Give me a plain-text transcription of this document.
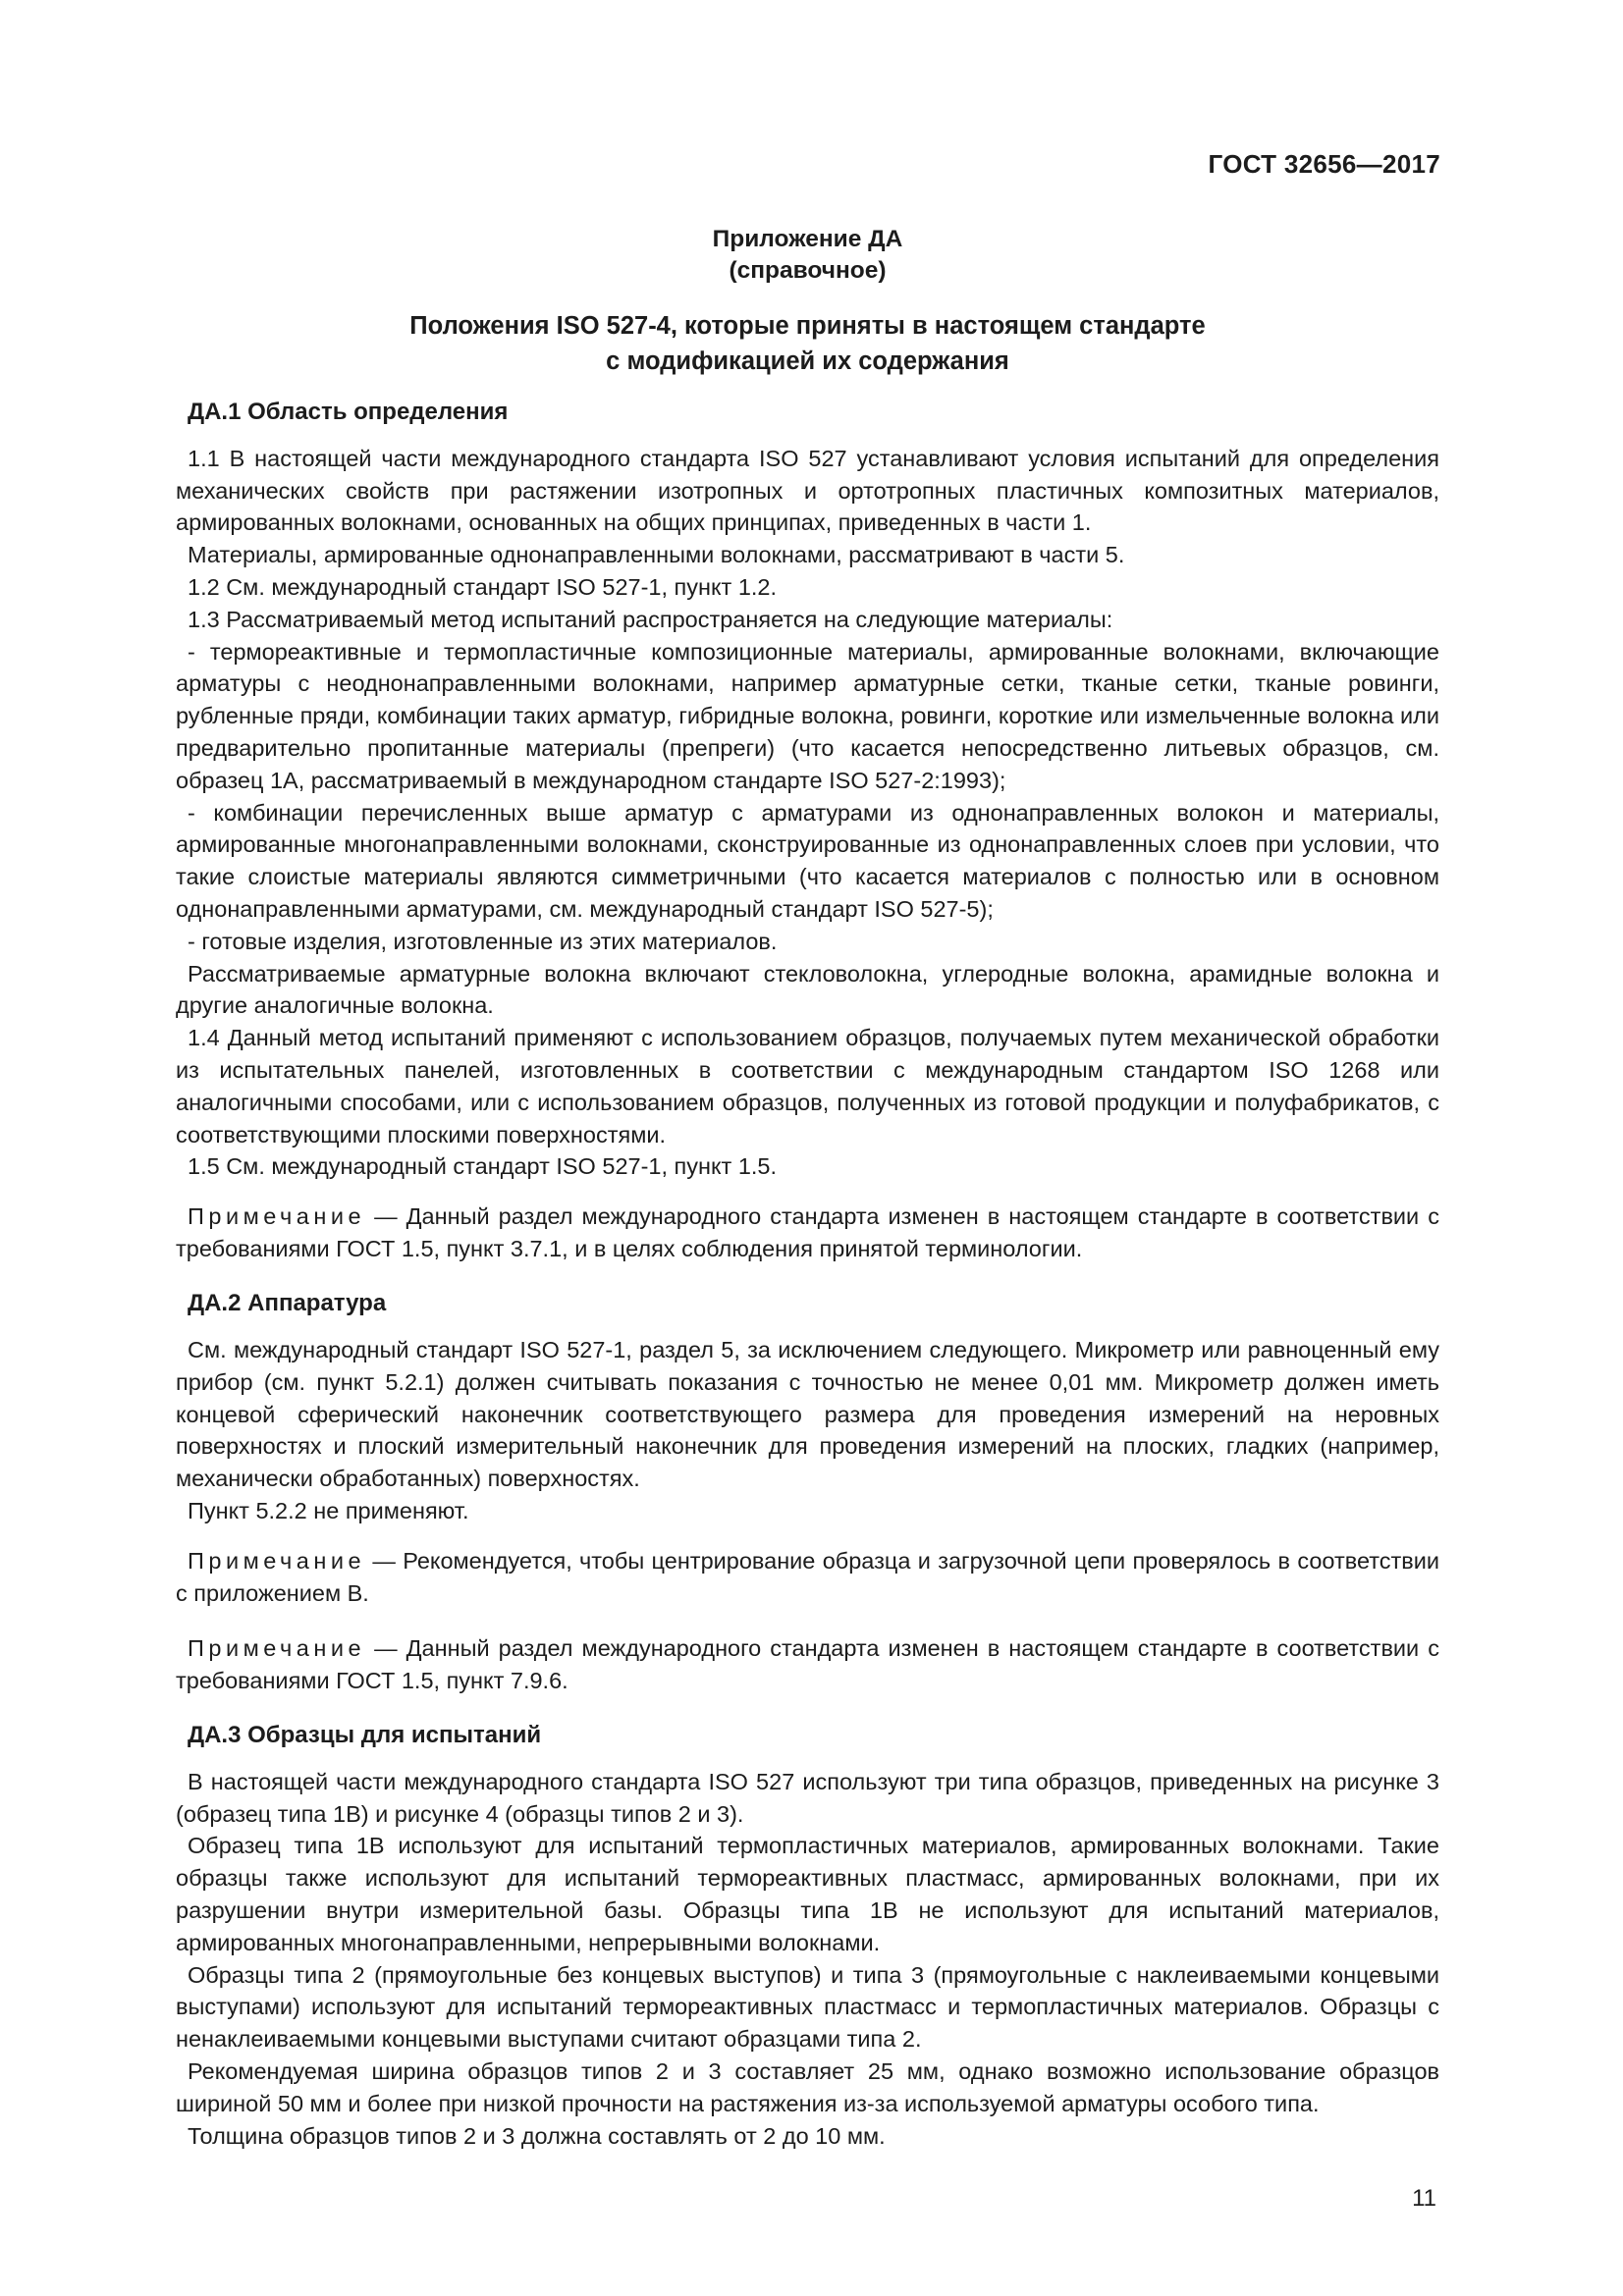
ГОСТ 32656—2017
Приложение ДА
(справочное)
Положения ISO 527-4, которые приняты в настоящем стандарте
с модификацией их содержания
ДА.1 Область определения

1.1 В настоящей части международного стандарта ISO 527 устанавливают условия испытаний для определения механических свойств при растяжении изотропных и ортотропных пластичных композитных материалов, армированных волокнами, основанных на общих принципах, приведенных в части 1.

Материалы, армированные однонаправленными волокнами, рассматривают в части 5.

1.2 См. международный стандарт ISO 527-1, пункт 1.2.

1.3 Рассматриваемый метод испытаний распространяется на следующие материалы:

- термореактивные и термопластичные композиционные материалы, армированные волокнами, включающие арматуры с неоднонаправленными волокнами, например арматурные сетки, тканые сетки, тканые ровинги, рубленные пряди, комбинации таких арматур, гибридные волокна, ровинги, короткие или измельченные волокна или предварительно пропитанные материалы (препреги) (что касается непосредственно литьевых образцов, см. образец 1А, рассматриваемый в международном стандарте ISO 527-2:1993);

- комбинации перечисленных выше арматур с арматурами из однонаправленных волокон и материалы, армированные многонаправленными волокнами, сконструированные из однонаправленных слоев при условии, что такие слоистые материалы являются симметричными (что касается материалов с полностью или в основном однонаправленными арматурами, см. международный стандарт ISO 527-5);

- готовые изделия, изготовленные из этих материалов.

Рассматриваемые арматурные волокна включают стекловолокна, углеродные волокна, арамидные волокна и другие аналогичные волокна.

1.4 Данный метод испытаний применяют с использованием образцов, получаемых путем механической обработки из испытательных панелей, изготовленных в соответствии с международным стандартом ISO 1268 или аналогичными способами, или с использованием образцов, полученных из готовой продукции и полуфабрикатов, с соответствующими плоскими поверхностями.

1.5 См. международный стандарт ISO 527-1, пункт 1.5.

Примечание — Данный раздел международного стандарта изменен в настоящем стандарте в соответствии с требованиями ГОСТ 1.5, пункт 3.7.1, и в целях соблюдения принятой терминологии.

ДА.2 Аппаратура

См. международный стандарт ISO 527-1, раздел 5, за исключением следующего. Микрометр или равноценный ему прибор (см. пункт 5.2.1) должен считывать показания с точностью не менее 0,01 мм. Микрометр должен иметь концевой сферический наконечник соответствующего размера для проведения измерений на неровных поверхностях и плоский измерительный наконечник для проведения измерений на плоских, гладких (например, механически обработанных) поверхностях.

Пункт 5.2.2 не применяют.

Примечание — Рекомендуется, чтобы центрирование образца и загрузочной цепи проверялось в соответствии с приложением В.

Примечание — Данный раздел международного стандарта изменен в настоящем стандарте в соответствии с требованиями ГОСТ 1.5, пункт 7.9.6.

ДА.3 Образцы для испытаний

В настоящей части международного стандарта ISO 527 используют три типа образцов, приведенных на рисунке 3 (образец типа 1В) и рисунке 4 (образцы типов 2 и 3).

Образец типа 1В используют для испытаний термопластичных материалов, армированных волокнами. Такие образцы также используют для испытаний термореактивных пластмасс, армированных волокнами, при их разрушении внутри измерительной базы. Образцы типа 1В не используют для испытаний материалов, армированных многонаправленными, непрерывными волокнами.

Образцы типа 2 (прямоугольные без концевых выступов) и типа 3 (прямоугольные с наклеиваемыми концевыми выступами) используют для испытаний термореактивных пластмасс и термопластичных материалов. Образцы с ненаклеиваемыми концевыми выступами считают образцами типа 2.

Рекомендуемая ширина образцов типов 2 и 3 составляет 25 мм, однако возможно использование образцов шириной 50 мм и более при низкой прочности на растяжения из-за используемой арматуры особого типа.

Толщина образцов типов 2 и 3 должна составлять от 2 до 10 мм.

11
